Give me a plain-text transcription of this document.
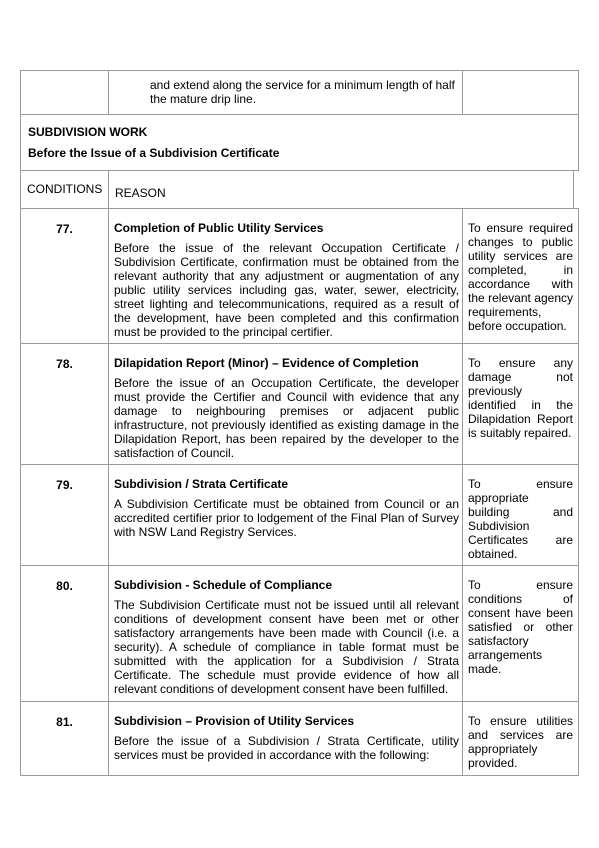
and extend along the service for a minimum length of half the mature drip line.
SUBDIVISION WORK
Before the Issue of a Subdivision Certificate
CONDITIONS REASON
77.	Completion of Public Utility Services
Before the issue of the relevant Occupation Certificate / Subdivision Certificate, confirmation must be obtained from the relevant authority that any adjustment or augmentation of any public utility services including gas, water, sewer, electricity, street lighting and telecommunications, required as a result of the development, have been completed and this confirmation must be provided to the principal certifier.
To ensure required changes to public utility services are completed, in accordance with the relevant agency requirements, before occupation.
78.	Dilapidation Report (Minor) – Evidence of Completion
Before the issue of an Occupation Certificate, the developer must provide the Certifier and Council with evidence that any damage to neighbouring premises or adjacent public infrastructure, not previously identified as existing damage in the Dilapidation Report, has been repaired by the developer to the satisfaction of Council.
To ensure any damage not previously identified in the Dilapidation Report is suitably repaired.
79.	Subdivision / Strata Certificate
A Subdivision Certificate must be obtained from Council or an accredited certifier prior to lodgement of the Final Plan of Survey with NSW Land Registry Services.
To ensure appropriate building and Subdivision Certificates are obtained.
80.	Subdivision - Schedule of Compliance
The Subdivision Certificate must not be issued until all relevant conditions of development consent have been met or other satisfactory arrangements have been made with Council (i.e. a security). A schedule of compliance in table format must be submitted with the application for a Subdivision / Strata Certificate. The schedule must provide evidence of how all relevant conditions of development consent have been fulfilled.
To ensure conditions of consent have been satisfied or other satisfactory arrangements made.
81.	Subdivision – Provision of Utility Services
Before the issue of a Subdivision / Strata Certificate, utility services must be provided in accordance with the following:
To ensure utilities and services are appropriately provided.
